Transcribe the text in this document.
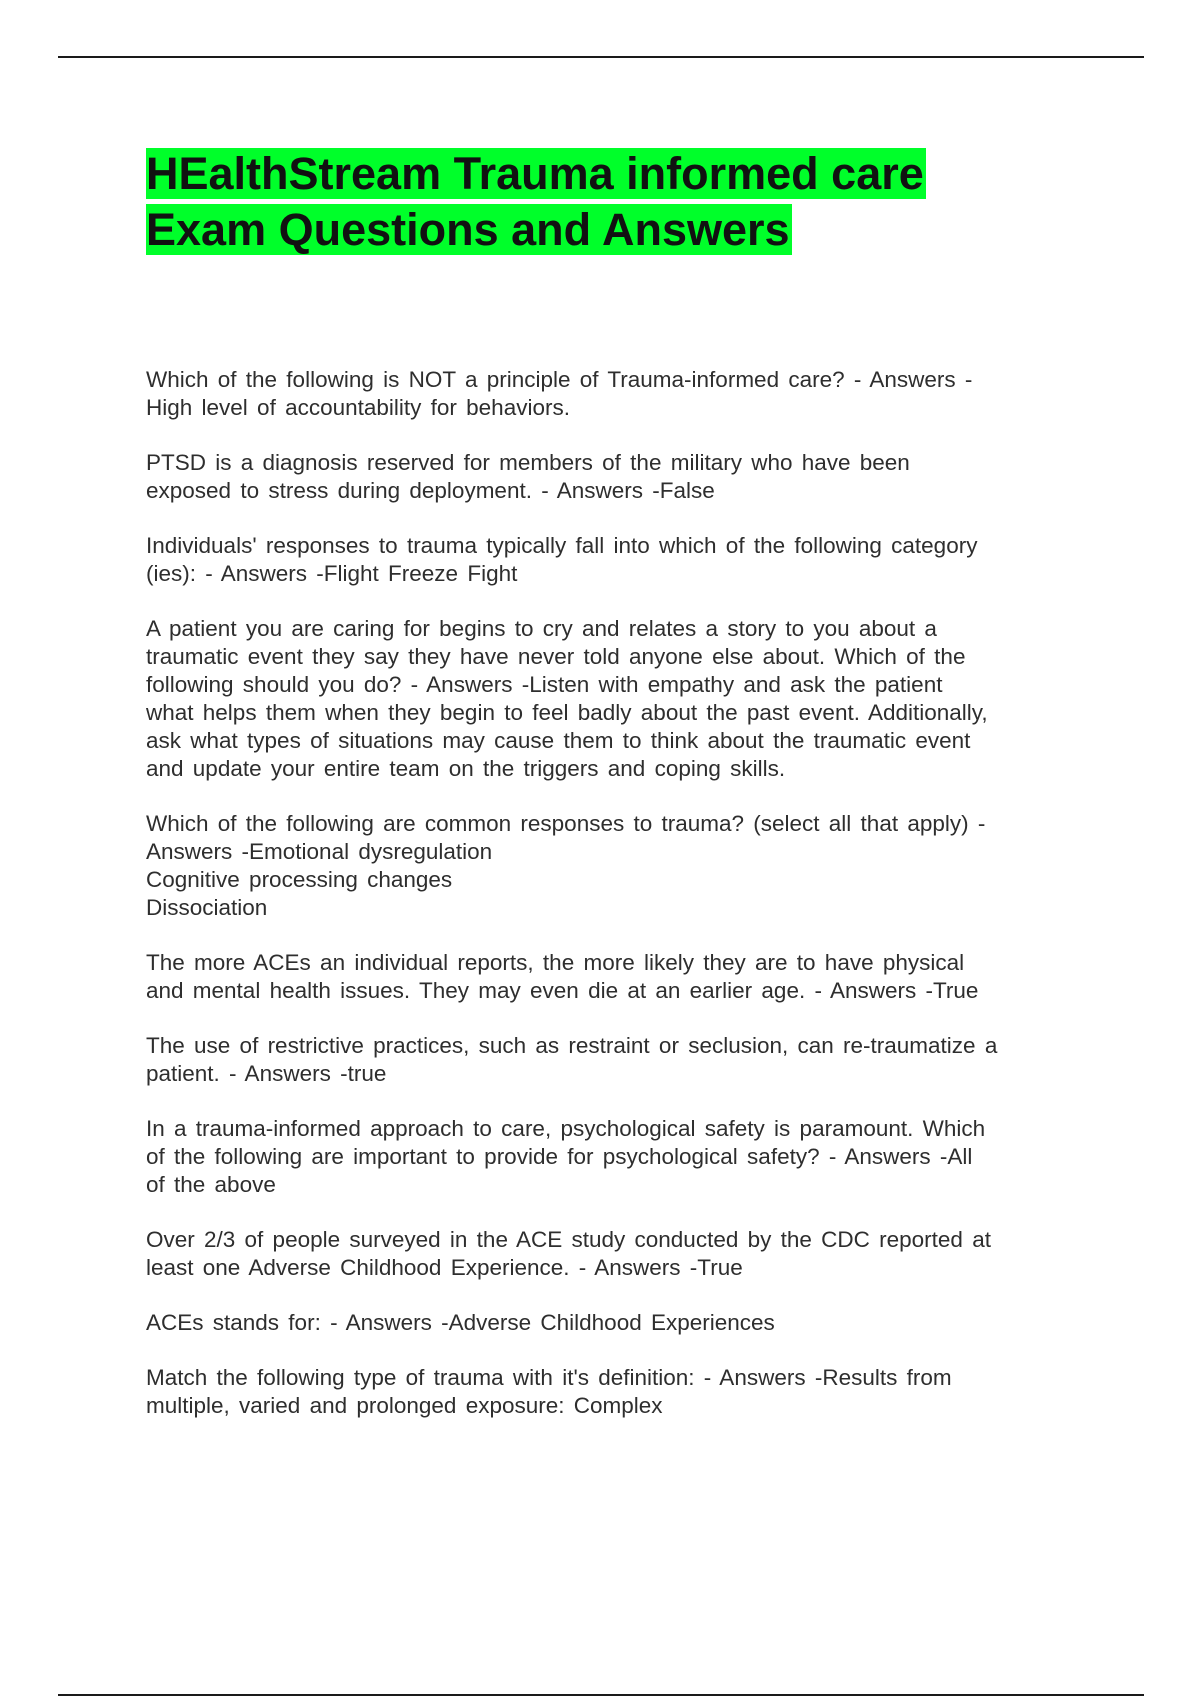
HEalthStream Trauma informed care
Exam Questions and Answers
Which of the following is NOT a principle of Trauma-informed care? - Answers -
High level of accountability for behaviors.
PTSD is a diagnosis reserved for members of the military who have been
exposed to stress during deployment. - Answers -False
Individuals' responses to trauma typically fall into which of the following category
(ies): - Answers -Flight Freeze Fight
A patient you are caring for begins to cry and relates a story to you about a
traumatic event they say they have never told anyone else about. Which of the
following should you do? - Answers -Listen with empathy and ask the patient
what helps them when they begin to feel badly about the past event. Additionally,
ask what types of situations may cause them to think about the traumatic event
and update your entire team on the triggers and coping skills.
Which of the following are common responses to trauma? (select all that apply) -
Answers -Emotional dysregulation
Cognitive processing changes
Dissociation
The more ACEs an individual reports, the more likely they are to have physical
and mental health issues. They may even die at an earlier age. - Answers -True
The use of restrictive practices, such as restraint or seclusion, can re-traumatize a
patient. - Answers -true
In a trauma-informed approach to care, psychological safety is paramount. Which
of the following are important to provide for psychological safety? - Answers -All
of the above
Over 2/3 of people surveyed in the ACE study conducted by the CDC reported at
least one Adverse Childhood Experience. - Answers -True
ACEs stands for: - Answers -Adverse Childhood Experiences
Match the following type of trauma with it's definition: - Answers -Results from
multiple, varied and prolonged exposure: Complex
